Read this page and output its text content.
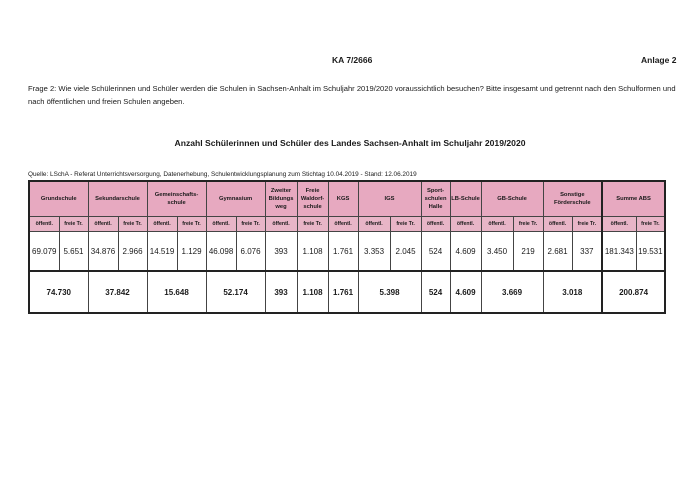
KA 7/2666	Anlage 2

Frage 2: Wie viele Schülerinnen und Schüler werden die Schulen in Sachsen-Anhalt im Schuljahr 2019/2020 voraussichtlich besuchen? Bitte insgesamt und getrennt nach den Schulformen und nach öffentlichen und freien Schulen angeben.

Anzahl Schülerinnen und Schüler des Landes Sachsen-Anhalt im Schuljahr 2019/2020
Quelle: LSchA - Referat Unterrichtsversorgung, Datenerhebung, Schulentwicklungsplanung zum Stichtag 10.04.2019 - Stand: 12.06.2019
Grundschule		Sekundarschule		Gemeinschafts-schule		Gymnasium		Zweiter Bildungs weg	Freie Waldorf-schule	KGS	IGS		Sport-schulen Halle	LB-Schule	GB-Schule		Sonstige Förderschule		Summe ABS	
öffentl.	freie Tr.	öffentl.	freie Tr.	öffentl.	freie Tr.	öffentl.	freie Tr.	öffentl.	freie Tr.	öffentl.	öffentl.	freie Tr.	öffentl.	öffentl.	öffentl.	freie Tr.	öffentl.	freie Tr.	öffentl.	freie Tr.
69.079	5.651	34.876	2.966	14.519	1.129	46.098	6.076	393	1.108	1.761	3.353	2.045	524	4.609	3.450	219	2.681	337	181.343	19.531
74.730		37.842		15.648		52.174		393	1.108	1.761	5.398		524	4.609	3.669		3.018		200.874	
